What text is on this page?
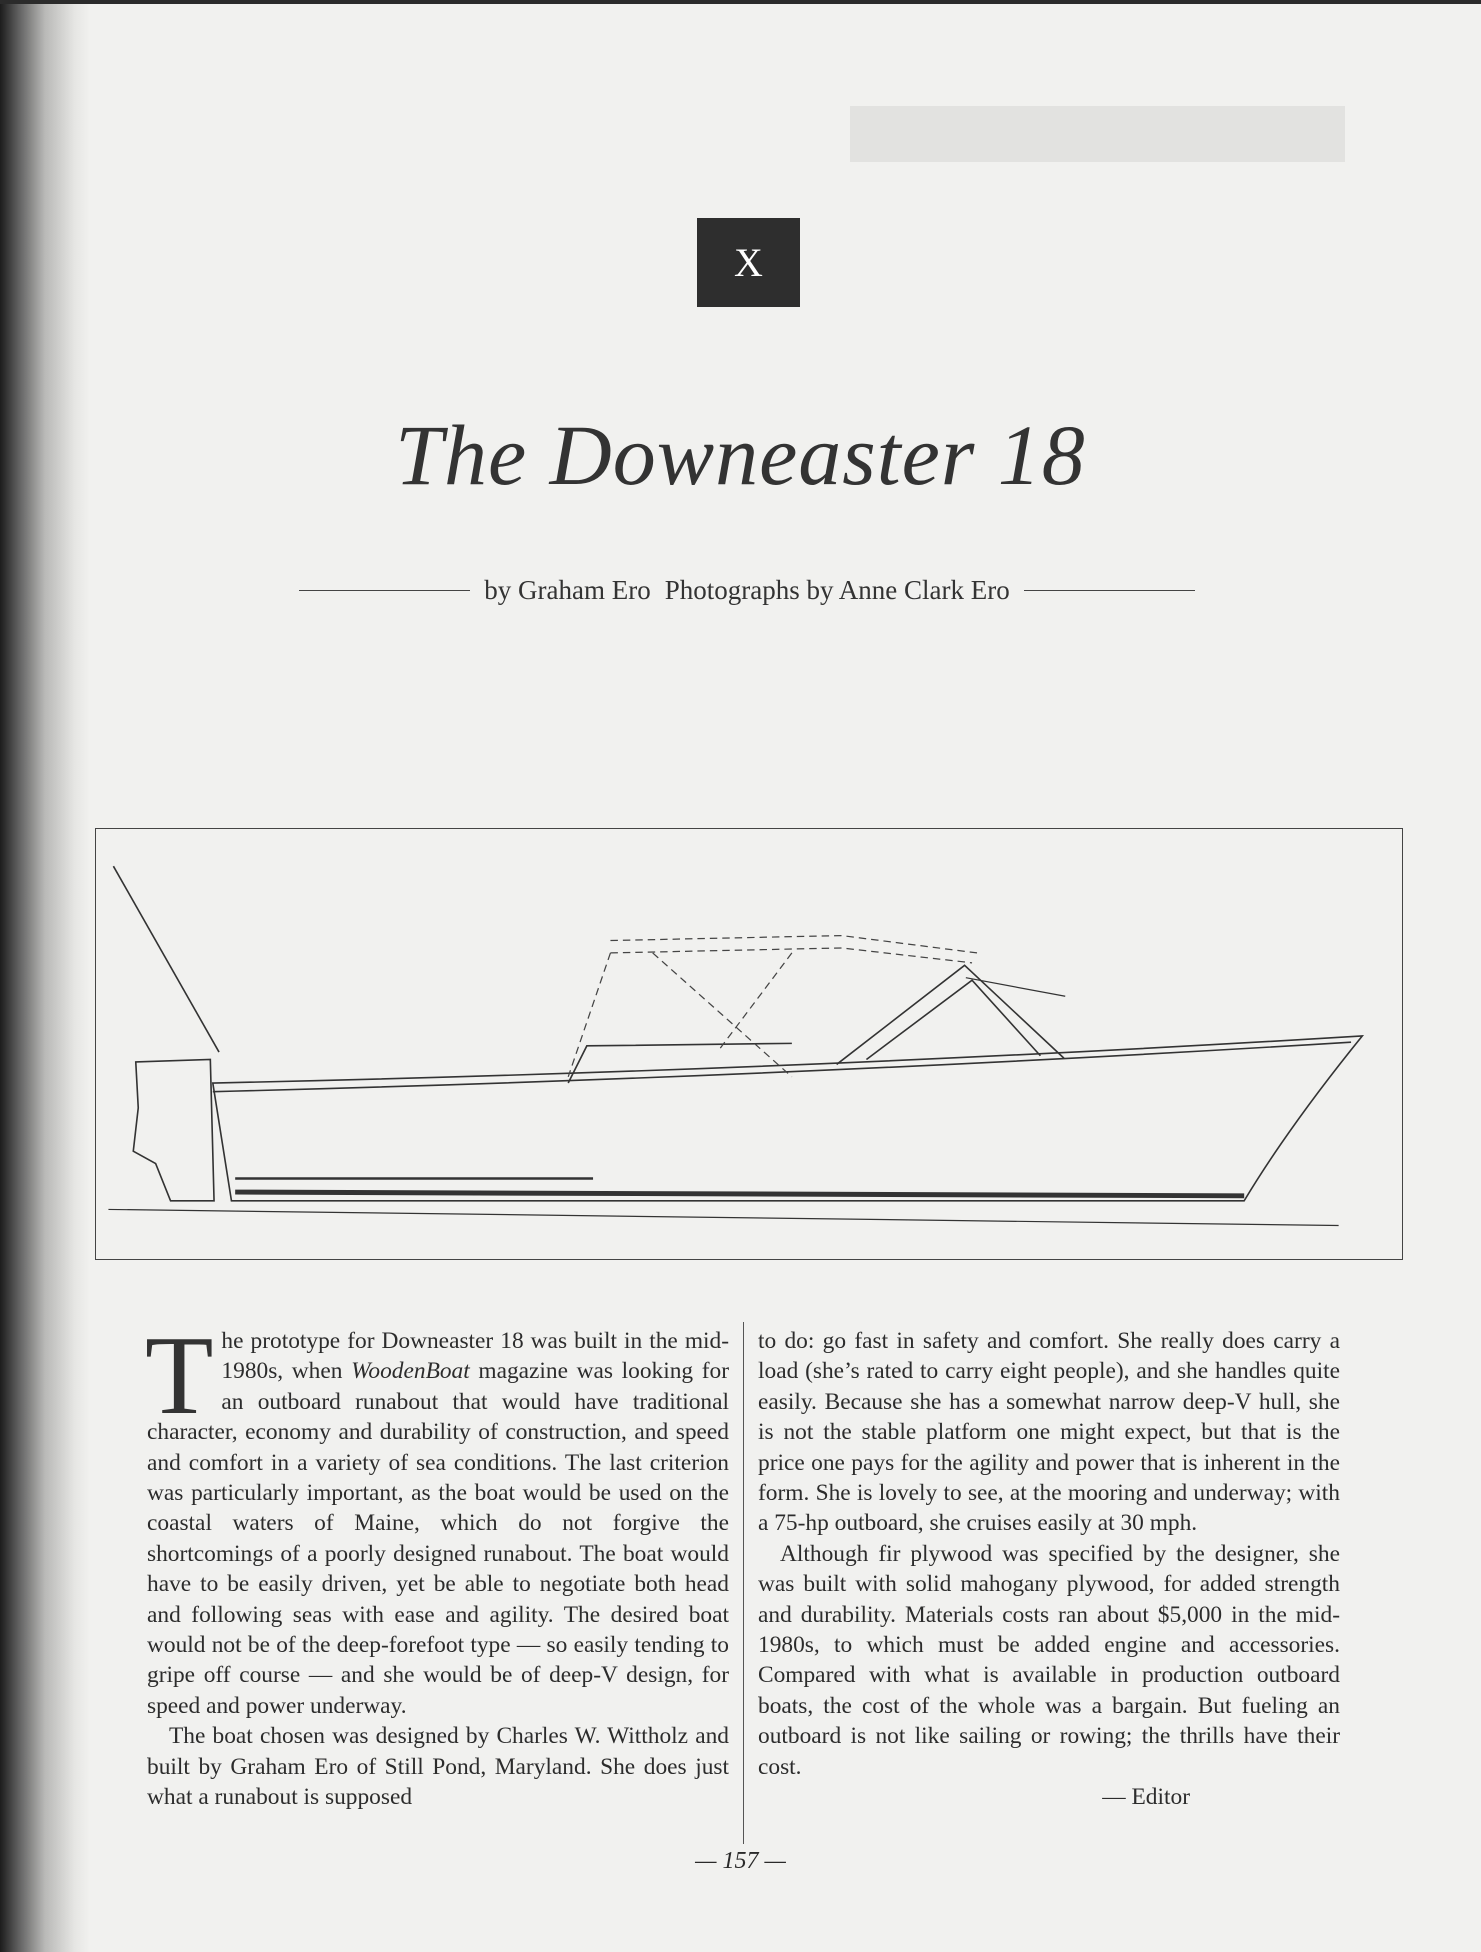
X
The Downeaster 18
by Graham Ero Photographs by Anne Clark Ero

The prototype for Downeaster 18 was built in the mid-1980s, when WoodenBoat magazine was looking for an outboard runabout that would have traditional character, economy and durability of construction, and speed and comfort in a variety of sea conditions. The last criterion was particularly important, as the boat would be used on the coastal waters of Maine, which do not forgive the shortcomings of a poorly designed runabout. The boat would have to be easily driven, yet be able to negotiate both head and following seas with ease and agility. The desired boat would not be of the deep-forefoot type — so easily tending to gripe off course — and she would be of deep-V design, for speed and power underway.

The boat chosen was designed by Charles W. Wittholz and built by Graham Ero of Still Pond, Maryland. She does just what a runabout is supposed

to do: go fast in safety and comfort. She really does carry a load (she’s rated to carry eight people), and she handles quite easily. Because she has a somewhat narrow deep-V hull, she is not the stable platform one might expect, but that is the price one pays for the agility and power that is inherent in the form. She is lovely to see, at the mooring and underway; with a 75-hp outboard, she cruises easily at 30 mph.

Although fir plywood was specified by the designer, she was built with solid mahogany plywood, for added strength and durability. Materials costs ran about $5,000 in the mid-1980s, to which must be added engine and accessories. Compared with what is available in production outboard boats, the cost of the whole was a bargain. But fueling an outboard is not like sailing or rowing; the thrills have their cost.

— Editor

— 157 —
